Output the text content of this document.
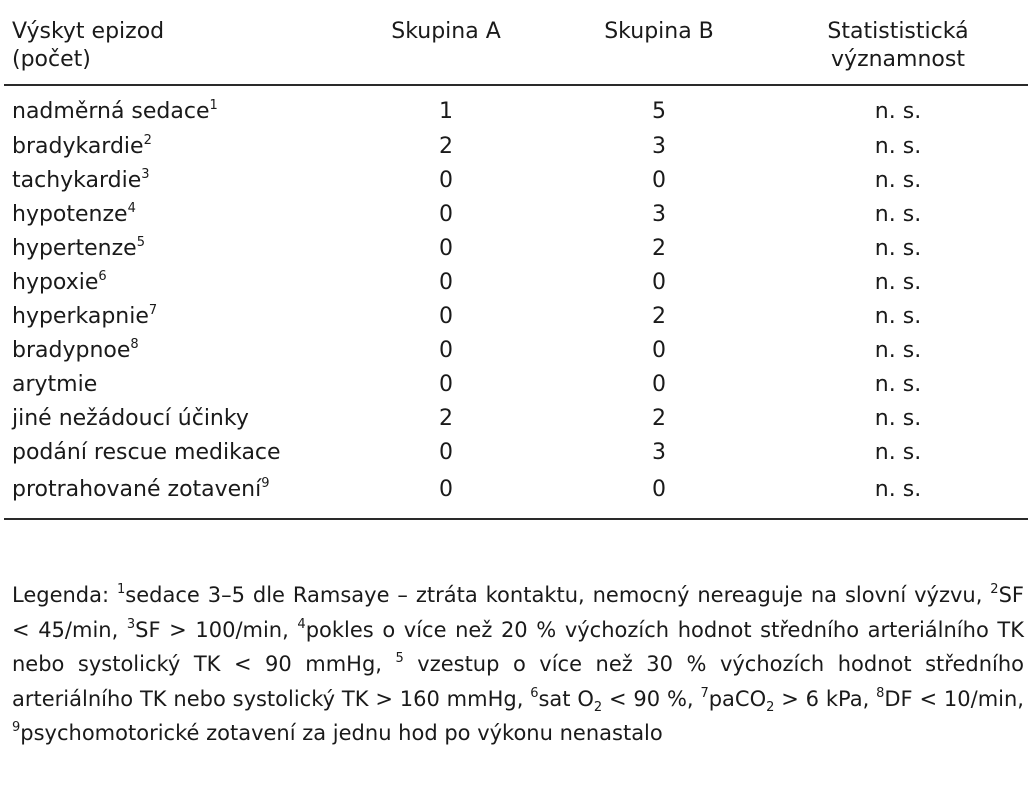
Výskyt epizod
(počet)	Skupina A	Skupina B	Statististická
významnost
nadměrná sedace$^1$	1	5	n. s.
bradykardie$^2$	2	3	n. s.
tachykardie$^3$	0	0	n. s.
hypotenze$^4$	0	3	n. s.
hypertenze$^5$	0	2	n. s.
hypoxie$^6$	0	0	n. s.
hyperkapnie$^7$	0	2	n. s.
bradypnoe$^8$	0	0	n. s.
arytmie	0	0	n. s.
jiné nežádoucí účinky	2	2	n. s.
podání rescue medikace	0	3	n. s.
protrahované zotavení$^9$	0	0	n. s.

Legenda: $^1$sedace 3–5 dle Ramsaye – ztráta kontaktu, nemocný nereaguje na slovní výzvu, $^2$SF < 45/min, $^3$SF > 100/min, $^4$pokles o více než 20 % výchozích hodnot středního arteriálního TK nebo systolický TK < 90 mmHg, $^5$ vzestup o více než 30 % výchozích hodnot středního arteriálního TK nebo systolický TK > 160 mmHg, $^6$sat $O_2 < 90$ %, $^7$paCO$_2$ > 6 kPa, $^8$DF < 10/min, $^9$psychomotorické zotavení za jednu hod po výkonu nenastalo
